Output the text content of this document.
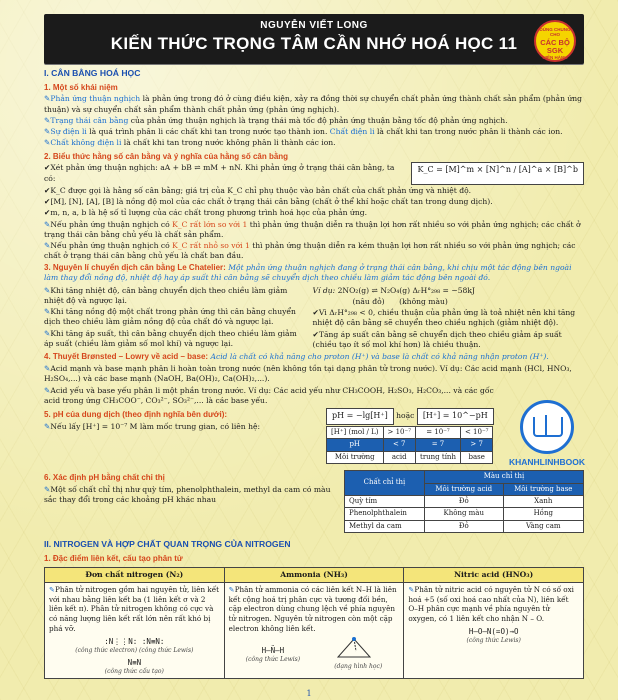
NGUYỄN VIẾT LONG
KIẾN THỨC TRỌNG TÂM CẦN NHỚ HOÁ HỌC 11
DÙNG CHUNG CHO
CÁC BỘ SGK
HIỆN HÀNH
I. CÂN BẰNG HOÁ HỌC
1. Một số khái niệm
✎ Phản ứng thuận nghịch là phản ứng trong đó ở cùng điều kiện, xảy ra đồng thời sự chuyển chất phản ứng thành chất sản phẩm (phản ứng thuận) và sự chuyển chất sản phẩm thành chất phản ứng (phản ứng nghịch).
✎ Trạng thái cân bằng của phản ứng thuận nghịch là trạng thái mà tốc độ phản ứng thuận bằng tốc độ phản ứng nghịch.
✎ Sự điện li là quá trình phân li các chất khi tan trong nước tạo thành ion. Chất điện li là chất khi tan trong nước phân li thành các ion.
✎ Chất không điện li là chất khi tan trong nước không phân li thành các ion.
2. Biểu thức hằng số cân bằng và ý nghĩa của hằng số cân bằng
✔ Xét phản ứng thuận nghịch: aA + bB ⇌ mM + nN. Khi phản ứng ở trạng thái cân bằng, ta có:
K_C = [M]^m × [N]^n / [A]^a × [B]^b
✔ K_C được gọi là hằng số cân bằng; giá trị của K_C chỉ phụ thuộc vào bản chất của chất phản ứng và nhiệt độ.
✔ [M], [N], [A], [B] là nồng độ mol của các chất ở trạng thái cân bằng (chất ở thể khí hoặc chất tan trong dung dịch).
✔ m, n, a, b là hệ số tỉ lượng của các chất trong phương trình hoá học của phản ứng.
✎ Nếu phản ứng thuận nghịch có K_C rất lớn so với 1 thì phản ứng thuận diễn ra thuận lợi hơn rất nhiều so với phản ứng nghịch; các chất ở trạng thái cân bằng chủ yếu là chất sản phẩm.
✎ Nếu phản ứng thuận nghịch có K_C rất nhỏ so với 1 thì phản ứng thuận diễn ra kém thuận lợi hơn rất nhiều so với phản ứng nghịch; các chất ở trạng thái cân bằng chủ yếu là chất ban đầu.
3. Nguyên lí chuyển dịch cân bằng Le Chatelier: Một phản ứng thuận nghịch đang ở trạng thái cân bằng, khi chịu một tác động bên ngoài làm thay đổi nồng độ, nhiệt độ hay áp suất thì cân bằng sẽ chuyển dịch theo chiều làm giảm tác động bên ngoài đó.
✎ Khi tăng nhiệt độ, cân bằng chuyển dịch theo chiều làm giảm nhiệt độ và ngược lại.
✎ Khi tăng nồng độ một chất trong phản ứng thì cân bằng chuyển dịch theo chiều làm giảm nồng độ của chất đó và ngược lại.
✎ Khi tăng áp suất, thì cân bằng chuyển dịch theo chiều làm giảm áp suất (chiều làm giảm số mol khí) và ngược lại.
Ví dụ: 2NO₂(g) ⇌ N₂O₄(g) ΔᵣH°₂₉₈ = −58kJ
(nâu đỏ) (không màu)
✔ Vì ΔᵣH°₂₉₈ < 0, chiều thuận của phản ứng là toả nhiệt nên khi tăng nhiệt độ cân bằng sẽ chuyển theo chiều nghịch (giảm nhiệt độ).
✔ Tăng áp suất cân bằng sẽ chuyển dịch theo chiều giảm áp suất (chiều tạo ít số mol khí hơn) là chiều thuận.
4. Thuyết Brønsted – Lowry về acid – base: Acid là chất có khả năng cho proton (H⁺) và base là chất có khả năng nhận proton (H⁺).
✎ Acid mạnh và base mạnh phân li hoàn toàn trong nước (nên không tồn tại dạng phân tử trong nước). Ví dụ: Các acid mạnh (HCl, HNO₃, H₂SO₄,...) và các base mạnh (NaOH, Ba(OH)₂, Ca(OH)₂,...).
✎ Acid yếu và base yếu phân li một phần trong nước. Ví dụ: Các acid yếu như CH₃COOH, H₂SO₃, H₂CO₃,... và các gốc acid trong ứng CH₃COO⁻, CO₃²⁻, SO₃²⁻,... là các base yếu.
5. pH của dung dịch (theo định nghĩa bên dưới):
✎ Nếu lấy [H⁺] = 10⁻⁷ M làm mốc trung gian, có liên hệ:
pH = −lg[H⁺] hoặc [H⁺] = 10^−pH
[H⁺] (mol / L)	> 10⁻⁷	= 10⁻⁷	< 10⁻⁷
pH	< 7	= 7	> 7
Môi trường	acid	trung tính	base
6. Xác định pH bằng chất chỉ thị
✎ Một số chất chỉ thị như quỳ tím, phenolphthalein, methyl da cam có màu sắc thay đổi trong các khoảng pH khác nhau
Chất chỉ thị	Màu chỉ thị	
	Môi trường acid	Môi trường base
Quỳ tím	Đỏ	Xanh
Phenolphthalein	Không màu	Hồng
Methyl da cam	Đỏ	Vàng cam
II. NITROGEN VÀ HỢP CHẤT QUAN TRỌNG CỦA NITROGEN
1. Đặc điểm liên kết, cấu tạo phân tử
Đơn chất nitrogen (N₂)
✎ Phân tử nitrogen gồm hai nguyên tử, liên kết với nhau bằng liên kết ba (1 liên kết σ và 2 liên kết π). Phân tử nitrogen không có cực và có năng lượng liên kết rất lớn nên rất khó bị phá vỡ.
:N⋮⋮N: :N≡N:
(công thức electron) (công thức Lewis)
N≡N
(công thức cấu tạo)
Ammonia (NH₃)
✎ Phân tử ammonia có các liên kết N–H là liên kết cộng hoá trị phân cực và tương đối bền, cặp electron dùng chung lệch về phía nguyên tử nitrogen. Nguyên tử nitrogen còn một cặp electron không liên kết.
H–N̈–H
(công thức Lewis)
(dạng hình học)
Nitric acid (HNO₃)
✎ Phân tử nitric acid có nguyên tử N có số oxi hoá +5 (số oxi hoá cao nhất của N), liên kết O–H phân cực mạnh về phía nguyên tử oxygen, có 1 liên kết cho nhận N – O.
H–O–N(=O)→O
(công thức Lewis)
KHANHLINHBOOK
1
